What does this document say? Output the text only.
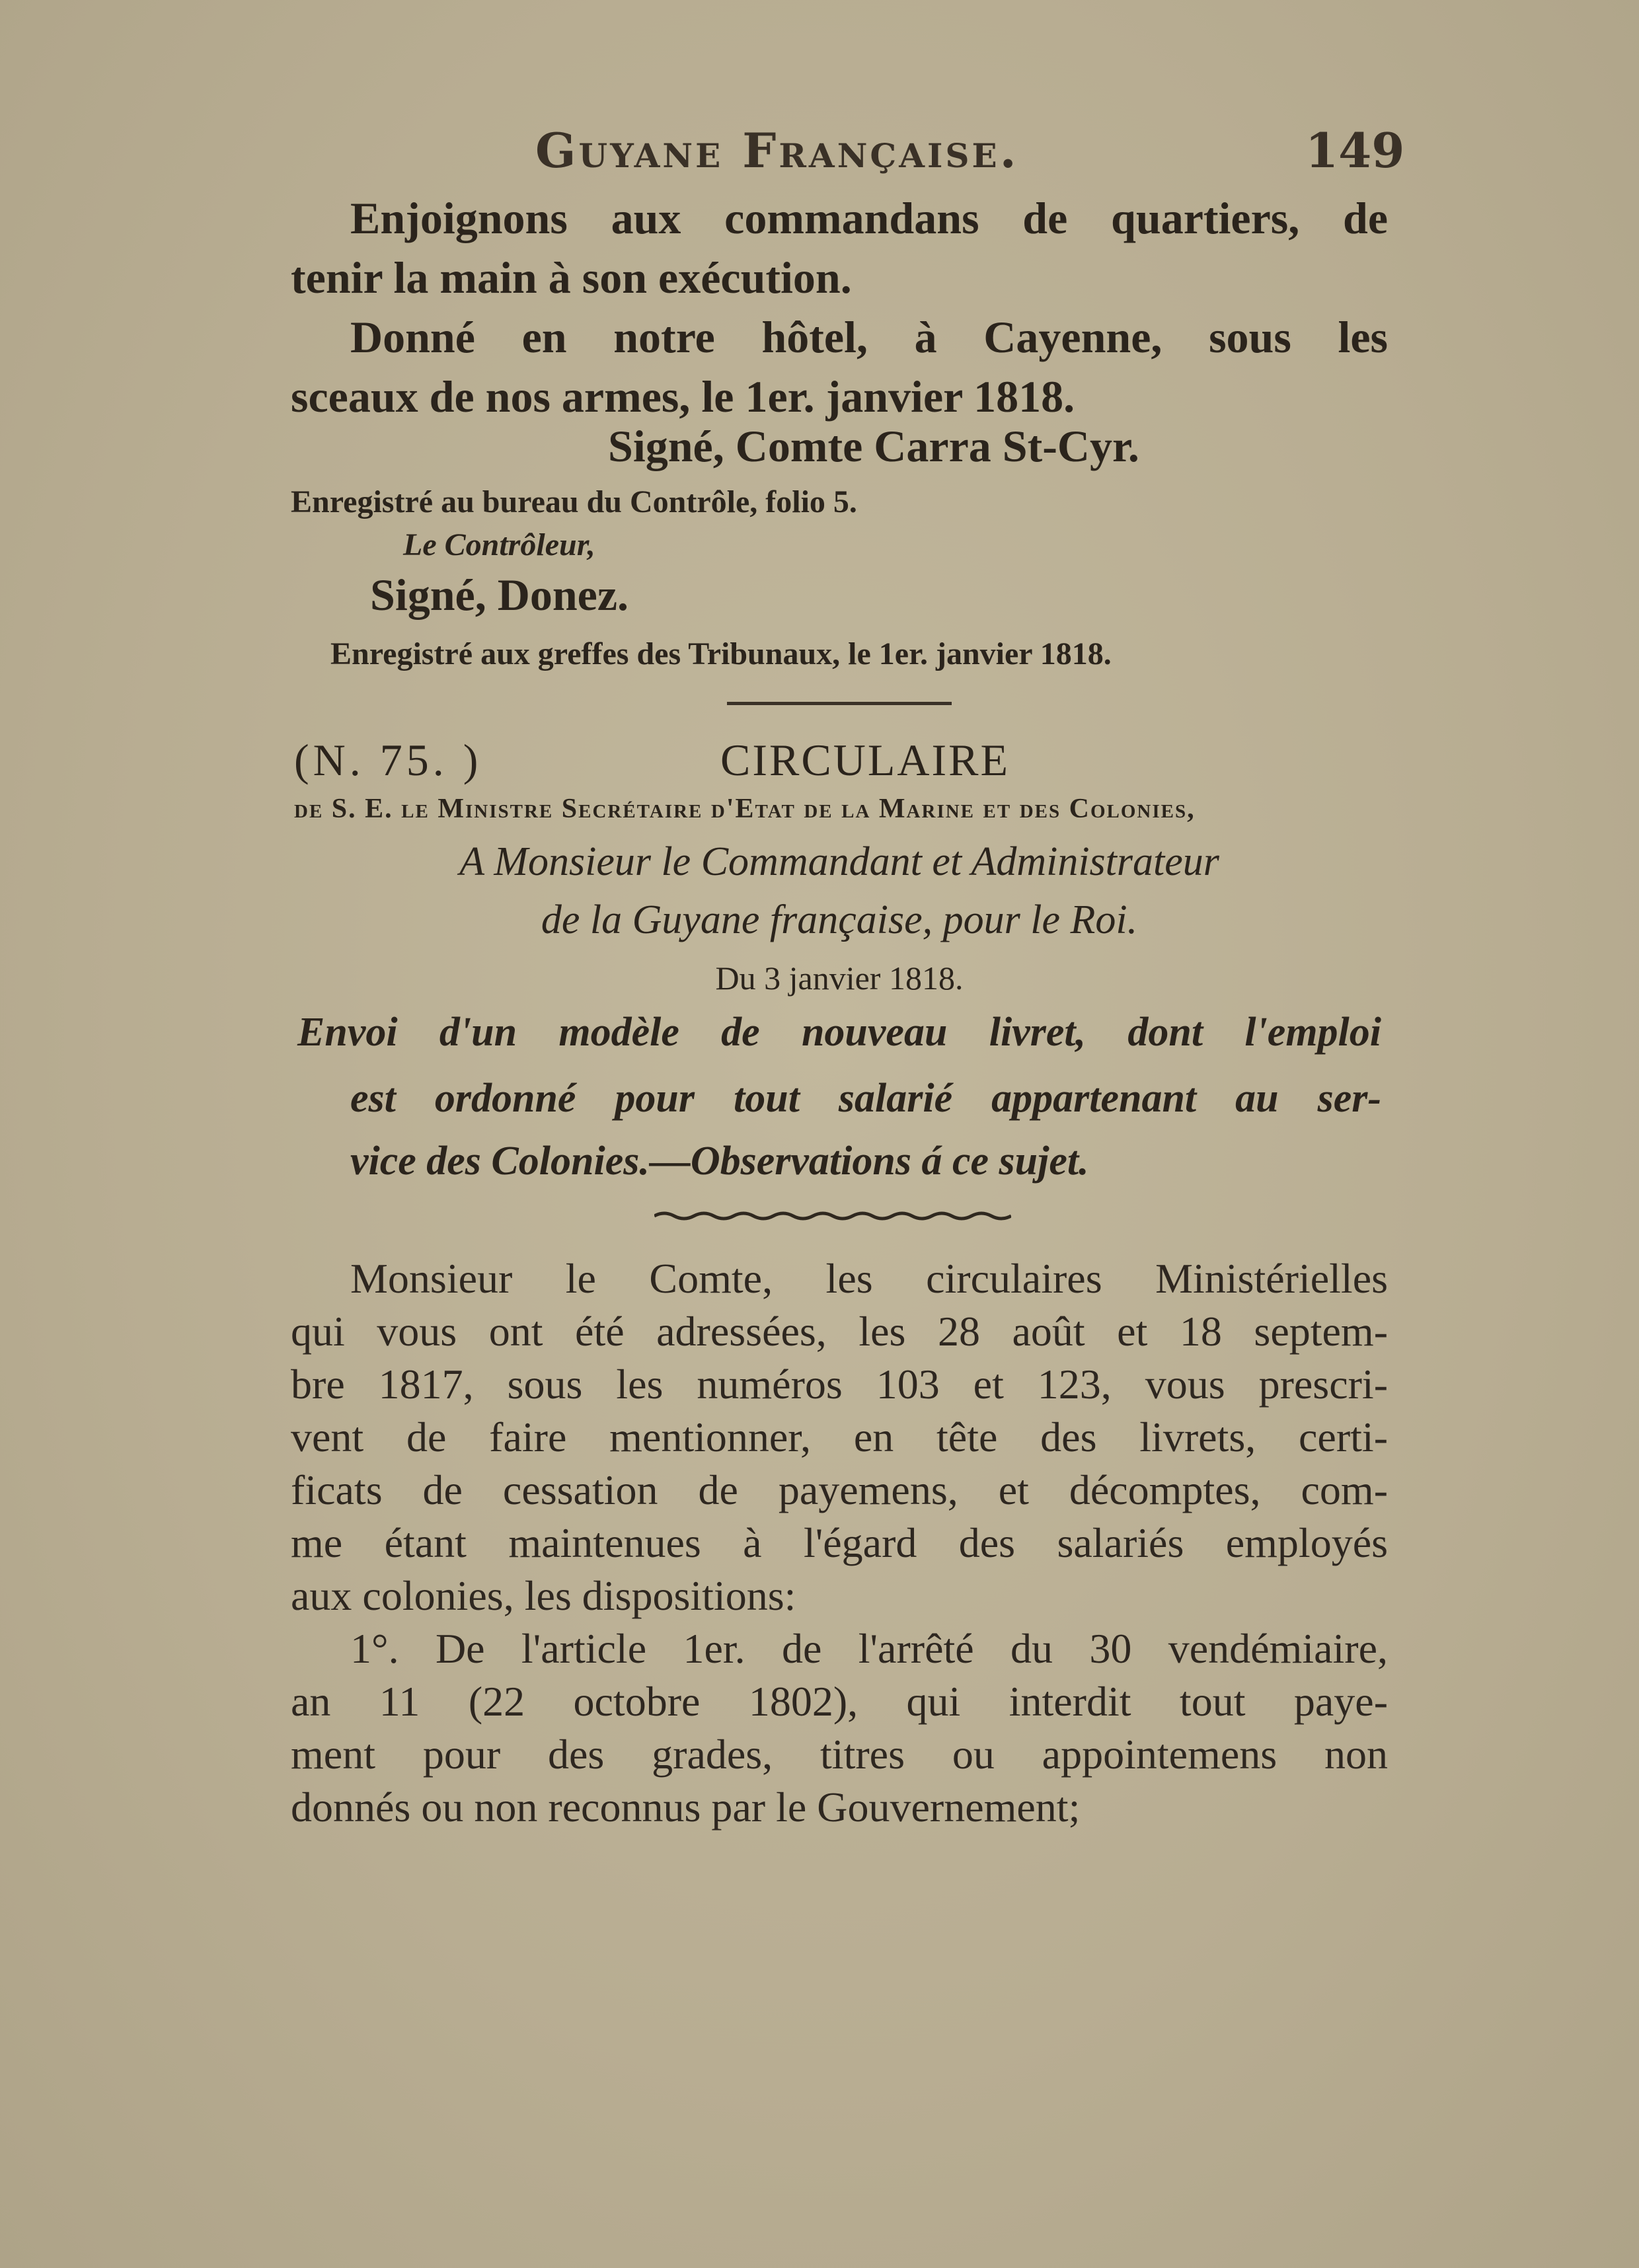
Guyane Française.	149
Enjoignons aux commandans de quartiers, de
tenir la main à son exécution.
Donné en notre hôtel, à Cayenne, sous les
sceaux de nos armes, le 1er. janvier 1818.
Signé, Comte Carra St-Cyr.
Enregistré au bureau du Contrôle, folio 5.
Le Contrôleur,
Signé, Donez.
Enregistré aux greffes des Tribunaux, le 1er. janvier 1818.
(N. 75. )	CIRCULAIRE
de S. E. le Ministre Secrétaire d'Etat de la Marine et des Colonies,
A Monsieur le Commandant et Administrateur
de la Guyane française, pour le Roi.
Du 3 janvier 1818.
Envoi d'un modèle de nouveau livret, dont l'emploi
est ordonné pour tout salarié appartenant au ser-
vice des Colonies.—Observations á ce sujet.
Monsieur le Comte, les circulaires Ministérielles
qui vous ont été adressées, les 28 août et 18 septem-
bre 1817, sous les numéros 103 et 123, vous prescri-
vent de faire mentionner, en tête des livrets, certi-
ficats de cessation de payemens, et décomptes, com-
me étant maintenues à l'égard des salariés employés
aux colonies, les dispositions:
1°. De l'article 1er. de l'arrêté du 30 vendémiaire,
an 11 (22 octobre 1802), qui interdit tout paye-
ment pour des grades, titres ou appointemens non
donnés ou non reconnus par le Gouvernement;
